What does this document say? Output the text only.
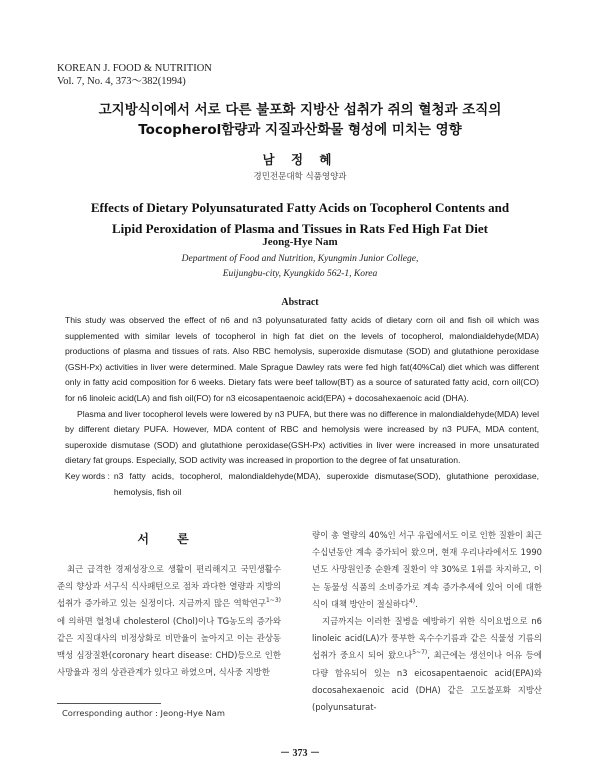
KOREAN J. FOOD & NUTRITION
Vol. 7, No. 4, 373～382(1994)
고지방식이에서 서로 다른 불포화 지방산 섭취가 쥐의 혈청과 조직의
Tocopherol함량과 지질과산화물 형성에 미치는 영향
남 정 혜
경민전문대학 식품영양과
Effects of Dietary Polyunsaturated Fatty Acids on Tocopherol Contents and
Lipid Peroxidation of Plasma and Tissues in Rats Fed High Fat Diet
Jeong-Hye Nam
Department of Food and Nutrition, Kyungmin Junior College,
Euijungbu-city, Kyungkido 562-1, Korea
Abstract

This study was observed the effect of n6 and n3 polyunsaturated fatty acids of dietary corn oil and fish oil which was supplemented with similar levels of tocopherol in high fat diet on the levels of tocopherol, malondialdehyde(MDA) productions of plasma and tissues of rats. Also RBC hemolysis, superoxide dismutase (SOD) and glutathione peroxidase (GSH-Px) activities in liver were determined. Male Sprague Dawley rats were fed high fat(40%Cal) diet which was different only in fatty acid composition for 6 weeks. Dietary fats were beef tallow(BT) as a source of saturated fatty acid, corn oil(CO) for n6 linoleic acid(LA) and fish oil(FO) for n3 eicosapentaenoic acid(EPA) + docosahexaenoic acid (DHA).

Plasma and liver tocopherol levels were lowered by n3 PUFA, but there was no difference in malondialdehyde(MDA) level by different dietary PUFA. However, MDA content of RBC and hemolysis were increased by n3 PUFA, MDA content, superoxide dismutase (SOD) and glutathione peroxidase(GSH-Px) activities in liver were increased in more unsaturated dietary fat groups. Especially, SOD activity was increased in proportion to the degree of fat unsaturation.

Key words : n3 fatty acids, tocopherol, malondialdehyde(MDA), superoxide dismutase(SOD), glutathione peroxidase, hemolysis, fish oil
서 론

최근 급격한 경제성장으로 생활이 편리해지고 국민생활수준의 향상과 서구식 식사패턴으로 점차 과다한 열량과 지방의 섭취가 증가하고 있는 실정이다. 지금까지 많은 역학연구$^{1\sim 3)}$에 의하면 혈청내 cholesterol (Chol)이나 TG농도의 증가와 같은 지질대사의 비정상화로 비만율이 높아지고 이는 관상동맥성 심장질환(coronary heart disease: CHD)등으로 인한 사망율과 정의 상관관계가 있다고 하였으며, 식사중 지방한

량이 총 열량의 40%인 서구 유럽에서도 이로 인한 질환이 최근 수십년동안 계속 증가되어 왔으며, 현재 우리나라에서도 1990년도 사망원인중 순환계 질환이 약 30%로 1위를 차지하고, 이는 동물성 식품의 소비증가로 계속 증가추세에 있어 이에 대한 식이 대책 방안이 절실하다$^{4)}$.

지금까지는 이러한 질병을 예방하기 위한 식이요법으로 n6 linoleic acid(LA)가 풍부한 옥수수기름과 같은 식물성 기름의 섭취가 중요시 되어 왔으나$^{5\sim 7)}$, 최근에는 생선이나 어유 등에 다량 함유되어 있는 n3 eicosapentaenoic acid(EPA)와 docosahexaenoic acid (DHA) 같은 고도불포화 지방산(polyunsaturat-

Corresponding author : Jeong-Hye Nam
－ 373 －
